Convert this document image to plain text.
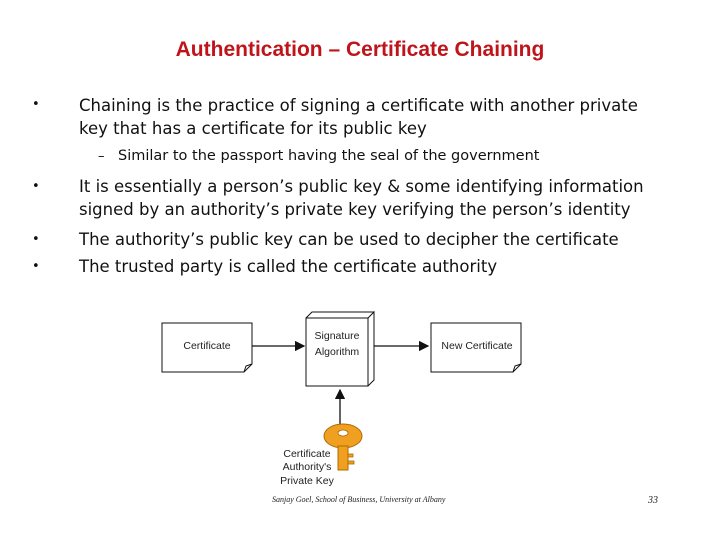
Authentication – Certificate Chaining
• Chaining is the practice of signing a certificate with another private
key that has a certificate for its public key
– Similar to the passport having the seal of the government
• It is essentially a person’s public key & some identifying information
signed by an authority’s private key verifying the person’s identity
• The authority’s public key can be used to decipher the certificate
• The trusted party is called the certificate authority
Certificate
Signature
Algorithm	New Certificate
Certificate
Authority's
Private Key
Sanjay Goel, School of Business, University at Albany	33
